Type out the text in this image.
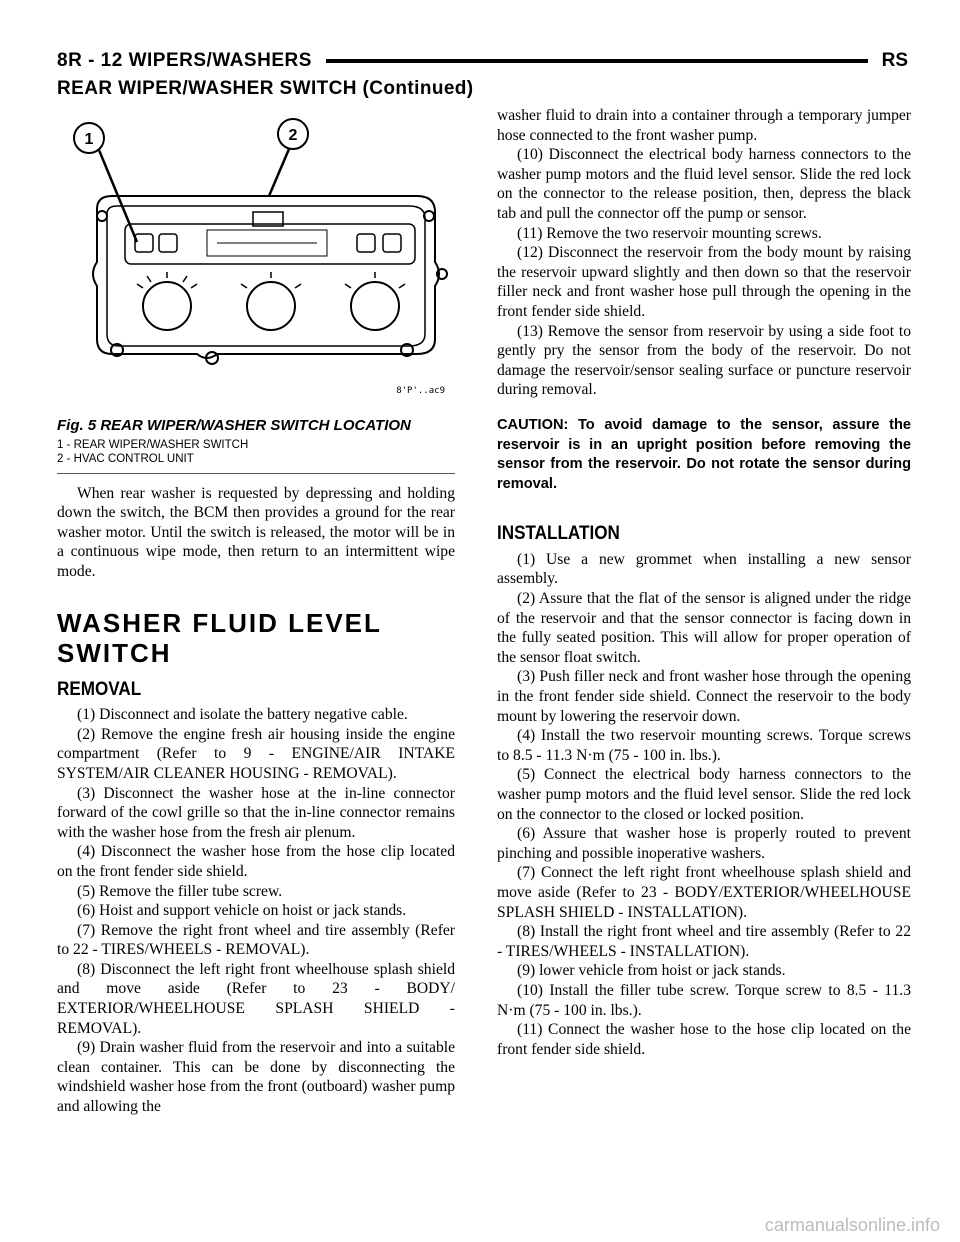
8R - 12 WIPERS/WASHERS	RS
REAR WIPER/WASHER SWITCH (Continued)
1	2
8'P'..ac9
Fig. 5 REAR WIPER/WASHER SWITCH LOCATION
1 - REAR WIPER/WASHER SWITCH
2 - HVAC CONTROL UNIT

When rear washer is requested by depressing and holding down the switch, the BCM then provides a ground for the rear washer motor. Until the switch is released, the motor will be in a continuous wipe mode, then return to an intermittent wipe mode.

WASHER FLUID LEVEL SWITCH
REMOVAL

(1) Disconnect and isolate the battery negative cable.

(2) Remove the engine fresh air housing inside the engine compartment (Refer to 9 - ENGINE/AIR INTAKE SYSTEM/AIR CLEANER HOUSING - REMOVAL).

(3) Disconnect the washer hose at the in-line connector forward of the cowl grille so that the in-line connector remains with the washer hose from the fresh air plenum.

(4) Disconnect the washer hose from the hose clip located on the front fender side shield.

(5) Remove the filler tube screw.

(6) Hoist and support vehicle on hoist or jack stands.

(7) Remove the right front wheel and tire assembly (Refer to 22 - TIRES/WHEELS - REMOVAL).

(8) Disconnect the left right front wheelhouse splash shield and move aside (Refer to 23 - BODY/ EXTERIOR/WHEELHOUSE SPLASH SHIELD - REMOVAL).

(9) Drain washer fluid from the reservoir and into a suitable clean container. This can be done by disconnecting the windshield washer hose from the front (outboard) washer pump and allowing the

washer fluid to drain into a container through a temporary jumper hose connected to the front washer pump.

(10) Disconnect the electrical body harness connectors to the washer pump motors and the fluid level sensor. Slide the red lock on the connector to the release position, then, depress the black tab and pull the connector off the pump or sensor.

(11) Remove the two reservoir mounting screws.

(12) Disconnect the reservoir from the body mount by raising the reservoir upward slightly and then down so that the reservoir filler neck and front washer hose pull through the opening in the front fender side shield.

(13) Remove the sensor from reservoir by using a side foot to gently pry the sensor from the body of the reservoir. Do not damage the reservoir/sensor sealing surface or puncture reservoir during removal.

CAUTION: To avoid damage to the sensor, assure the reservoir is in an upright position before removing the sensor from the reservoir. Do not rotate the sensor during removal.
INSTALLATION

(1) Use a new grommet when installing a new sensor assembly.

(2) Assure that the flat of the sensor is aligned under the ridge of the reservoir and that the sensor connector is facing down in the fully seated position. This will allow for proper operation of the sensor float switch.

(3) Push filler neck and front washer hose through the opening in the front fender side shield. Connect the reservoir to the body mount by lowering the reservoir down.

(4) Install the two reservoir mounting screws. Torque screws to 8.5 - 11.3 N·m (75 - 100 in. lbs.).

(5) Connect the electrical body harness connectors to the washer pump motors and the fluid level sensor. Slide the red lock on the connector to the closed or locked position.

(6) Assure that washer hose is properly routed to prevent pinching and possible inoperative washers.

(7) Connect the left right front wheelhouse splash shield and move aside (Refer to 23 - BODY/EXTERIOR/WHEELHOUSE SPLASH SHIELD - INSTALLATION).

(8) Install the right front wheel and tire assembly (Refer to 22 - TIRES/WHEELS - INSTALLATION).

(9) lower vehicle from hoist or jack stands.

(10) Install the filler tube screw. Torque screw to 8.5 - 11.3 N·m (75 - 100 in. lbs.).

(11) Connect the washer hose to the hose clip located on the front fender side shield.

carmanualsonline.info
